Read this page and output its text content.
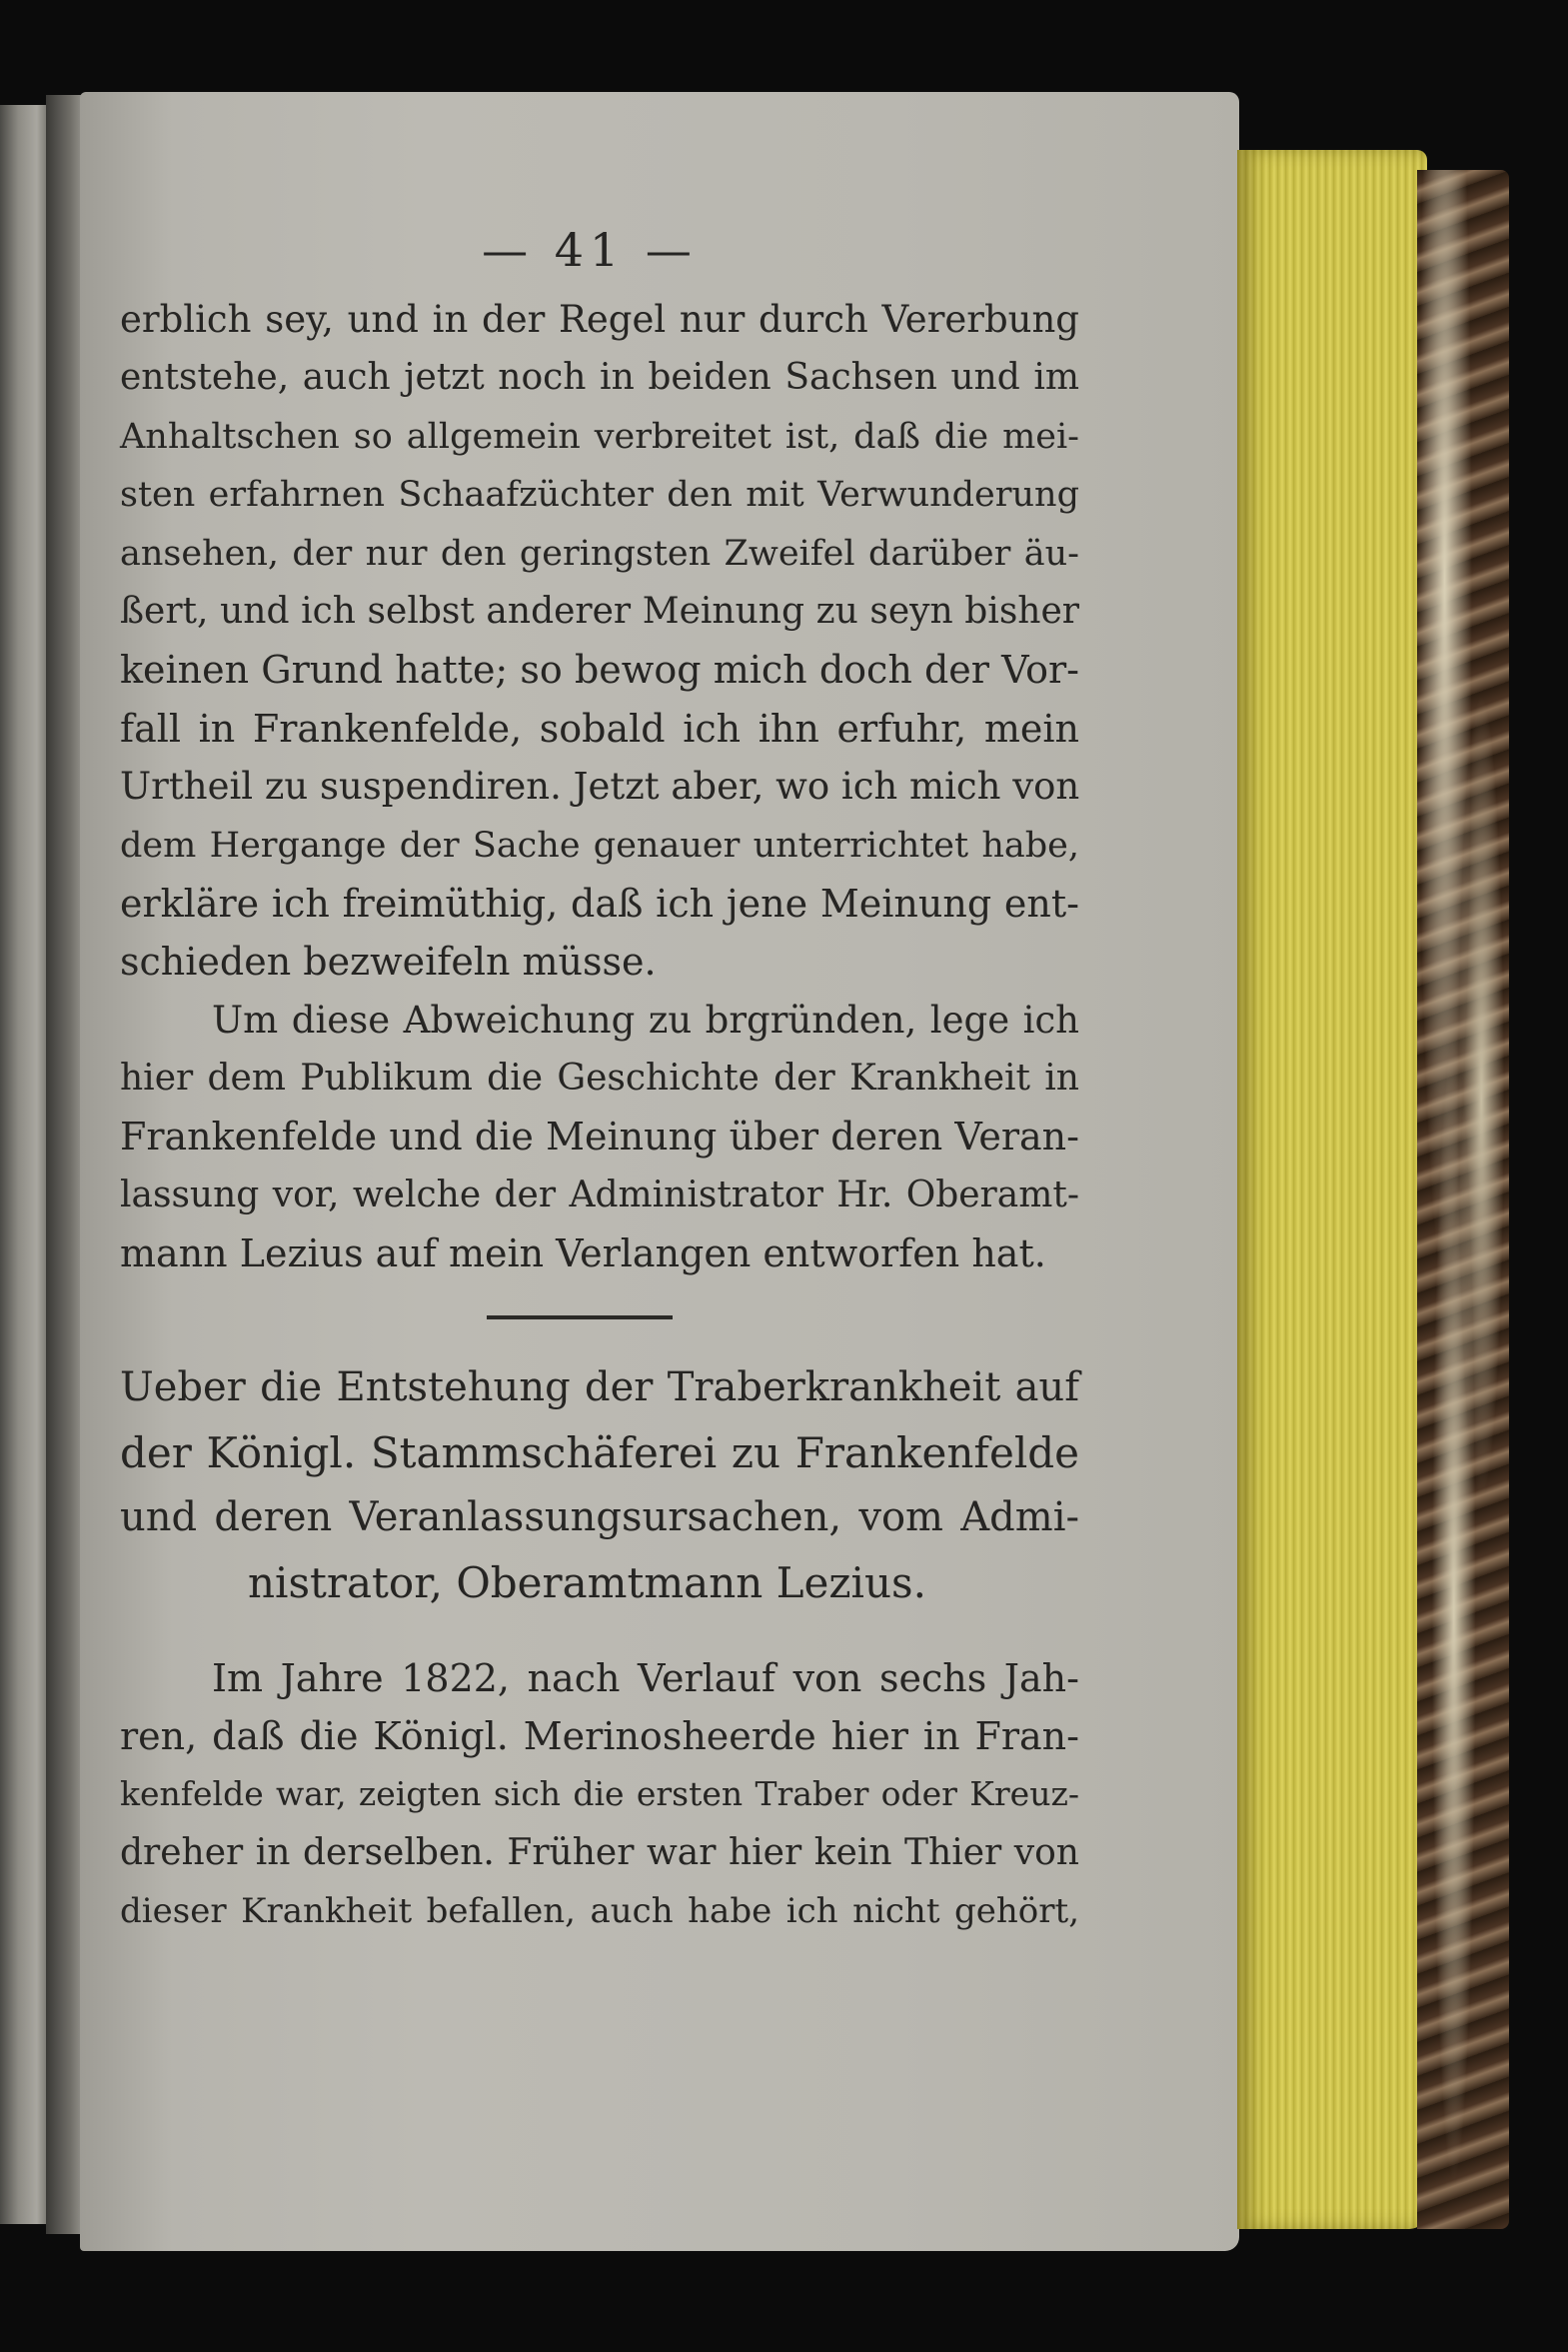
— 41 —
erblich sey, und in der Regel nur durch Vererbung
entstehe, auch jetzt noch in beiden Sachsen und im
Anhaltschen so allgemein verbreitet ist, daß die mei-
sten erfahrnen Schaafzüchter den mit Verwunderung
ansehen, der nur den geringsten Zweifel darüber äu-
ßert, und ich selbst anderer Meinung zu seyn bisher
keinen Grund hatte; so bewog mich doch der Vor-
fall in Frankenfelde, sobald ich ihn erfuhr, mein
Urtheil zu suspendiren. Jetzt aber, wo ich mich von
dem Hergange der Sache genauer unterrichtet habe,
erkläre ich freimüthig, daß ich jene Meinung ent-
schieden bezweifeln müsse.
Um diese Abweichung zu brgründen, lege ich
hier dem Publikum die Geschichte der Krankheit in
Frankenfelde und die Meinung über deren Veran-
lassung vor, welche der Administrator Hr. Oberamt-
mann Lezius auf mein Verlangen entworfen hat.
Ueber die Entstehung der Traberkrankheit auf
der Königl. Stammschäferei zu Frankenfelde
und deren Veranlassungsursachen, vom Admi-
nistrator, Oberamtmann Lezius.
Im Jahre 1822, nach Verlauf von sechs Jah-
ren, daß die Königl. Merinosheerde hier in Fran-
kenfelde war, zeigten sich die ersten Traber oder Kreuz-
dreher in derselben. Früher war hier kein Thier von
dieser Krankheit befallen, auch habe ich nicht gehört,
